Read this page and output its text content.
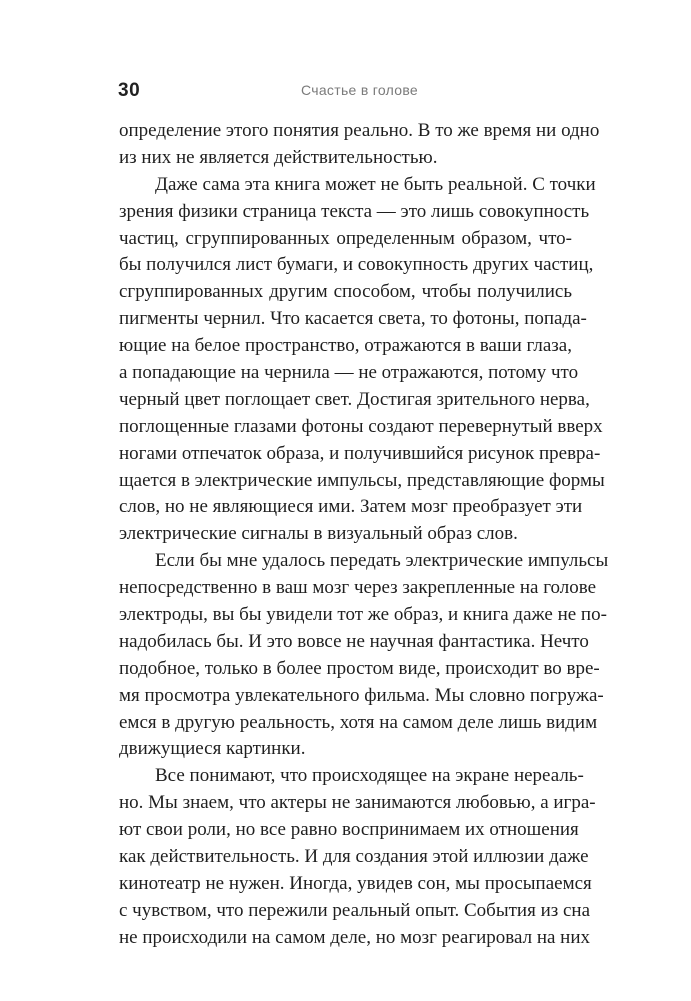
30	Счастье в голове
определение этого понятия реально. В то же время ни одно
из них не является действительностью.
Даже сама эта книга может не быть реальной. С точки
зрения физики страница текста — это лишь совокупность
частиц, сгруппированных определенным образом, что-
бы получился лист бумаги, и совокупность других частиц,
сгруппированных другим способом, чтобы получились
пигменты чернил. Что касается света, то фотоны, попада-
ющие на белое пространство, отражаются в ваши глаза,
а попадающие на чернила — не отражаются, потому что
черный цвет поглощает свет. Достигая зрительного нерва,
поглощенные глазами фотоны создают перевернутый вверх
ногами отпечаток образа, и получившийся рисунок превра-
щается в электрические импульсы, представляющие формы
слов, но не являющиеся ими. Затем мозг преобразует эти
электрические сигналы в визуальный образ слов.
Если бы мне удалось передать электрические импульсы
непосредственно в ваш мозг через закрепленные на голове
электроды, вы бы увидели тот же образ, и книга даже не по-
надобилась бы. И это вовсе не научная фантастика. Нечто
подобное, только в более простом виде, происходит во вре-
мя просмотра увлекательного фильма. Мы словно погружа-
емся в другую реальность, хотя на самом деле лишь видим
движущиеся картинки.
Все понимают, что происходящее на экране нереаль-
но. Мы знаем, что актеры не занимаются любовью, а игра-
ют свои роли, но все равно воспринимаем их отношения
как действительность. И для создания этой иллюзии даже
кинотеатр не нужен. Иногда, увидев сон, мы просыпаемся
с чувством, что пережили реальный опыт. События из сна
не происходили на самом деле, но мозг реагировал на них
